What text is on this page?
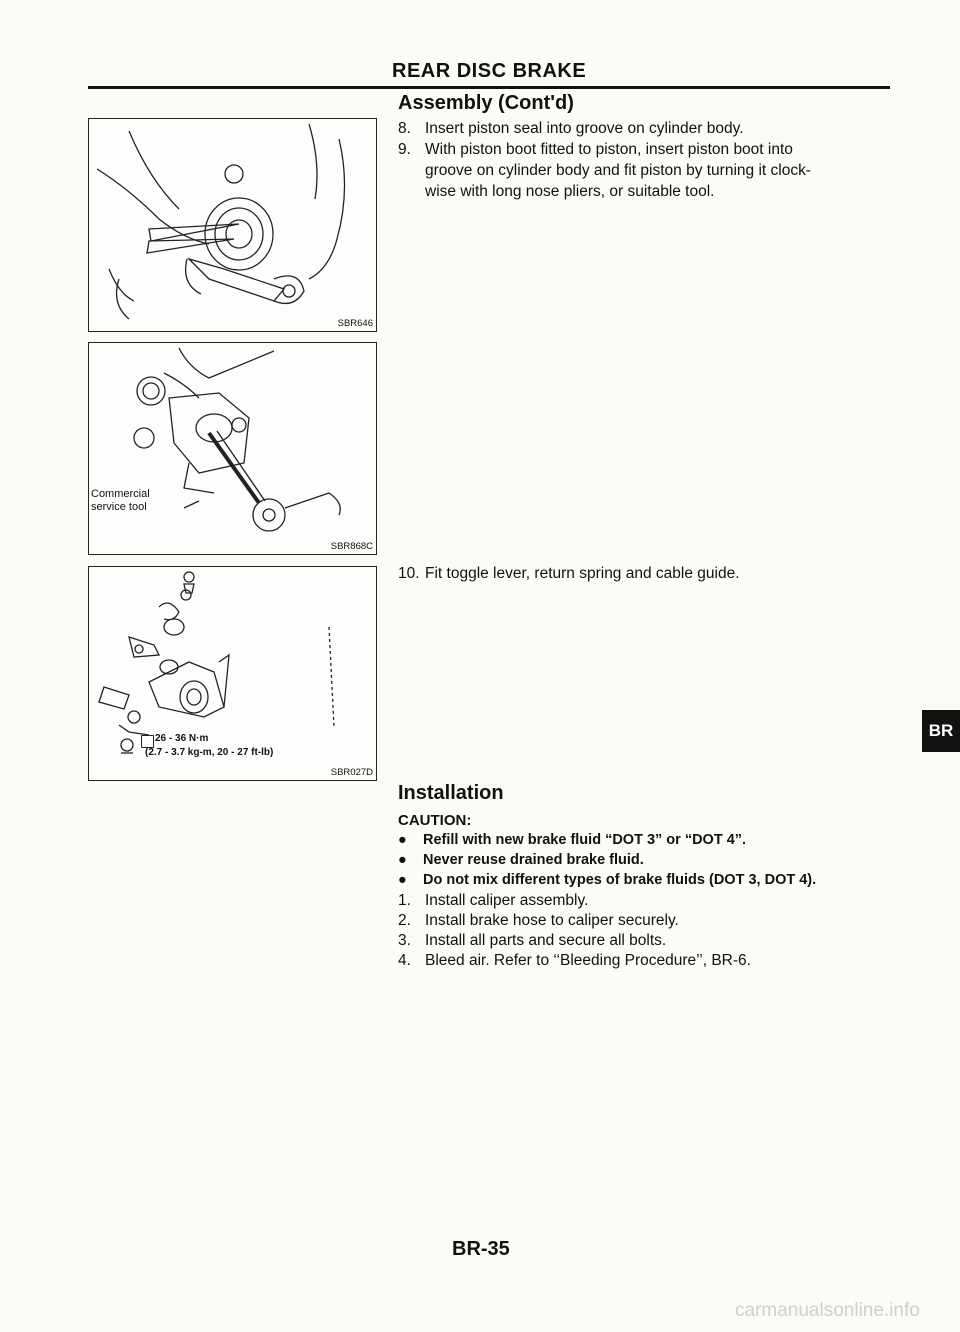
REAR DISC BRAKE
Assembly (Cont'd)
8. Insert piston seal into groove on cylinder body.
9. With piston boot fitted to piston, insert piston boot into
groove on cylinder body and fit piston by turning it clock-
wise with long nose pliers, or suitable tool.
10. Fit toggle lever, return spring and cable guide.
SBR646
Commercial
service tool
SBR868C
26 - 36 N·m
(2.7 - 3.7 kg-m, 20 - 27 ft-lb)
SBR027D
Installation
CAUTION:
● Refill with new brake fluid “DOT 3” or “DOT 4”.
● Never reuse drained brake fluid.
● Do not mix different types of brake fluids (DOT 3, DOT 4).
1. Install caliper assembly.
2. Install brake hose to caliper securely.
3. Install all parts and secure all bolts.
4. Bleed air. Refer to ‘‘Bleeding Procedure’’, BR-6.
BR
BR-35
carmanualsonline.info
